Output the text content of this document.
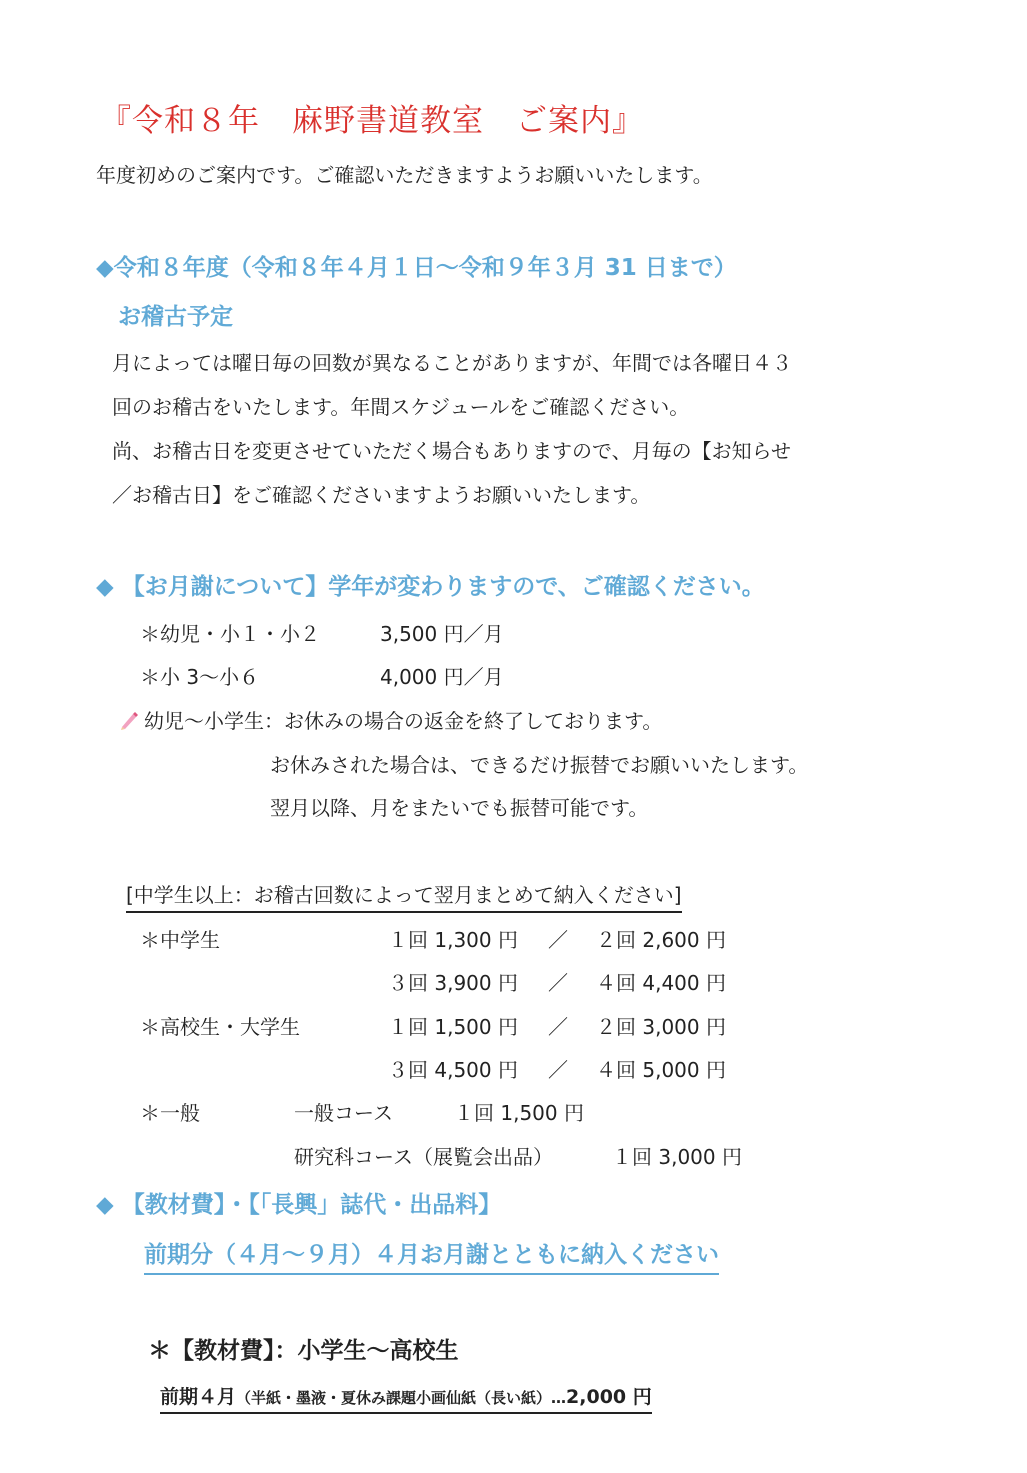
『令和８年　麻野書道教室　ご案内』
年度初めのご案内です。ご確認いただきますようお願いいたします。
◆令和８年度（令和８年４月１日～令和９年３月 31 日まで）
お稽古予定
月によっては曜日毎の回数が異なることがありますが、年間では各曜日４３
回のお稽古をいたします。年間スケジュールをご確認ください。
尚、お稽古日を変更させていただく場合もありますので、月毎の【お知らせ
／お稽古日】をご確認くださいますようお願いいたします。
◆ 【お月謝について】学年が変わりますので、ご確認ください。
＊幼児・小１・小２	3,500 円／月
＊小 3～小６	4,000 円／月
幼児～小学生：お休みの場合の返金を終了しております。
お休みされた場合は、できるだけ振替でお願いいたします。
翌月以降、月をまたいでも振替可能です。
[中学生以上：お稽古回数によって翌月まとめて納入ください]
＊中学生	１回 1,300 円 ／ ２回 2,600 円
３回 3,900 円 ／ ４回 4,400 円
＊高校生・大学生	１回 1,500 円 ／ ２回 3,000 円
３回 4,500 円 ／ ４回 5,000 円
＊一般	一般コース	１回 1,500 円
研究科コース（展覧会出品）	１回 3,000 円
◆ 【教材費】・【「長興」誌代・出品料】
前期分（４月～９月）４月お月謝とともに納入ください
＊【教材費】：小学生～高校生
前期４月（半紙・墨液・夏休み課題小画仙紙（長い紙）…2,000 円
